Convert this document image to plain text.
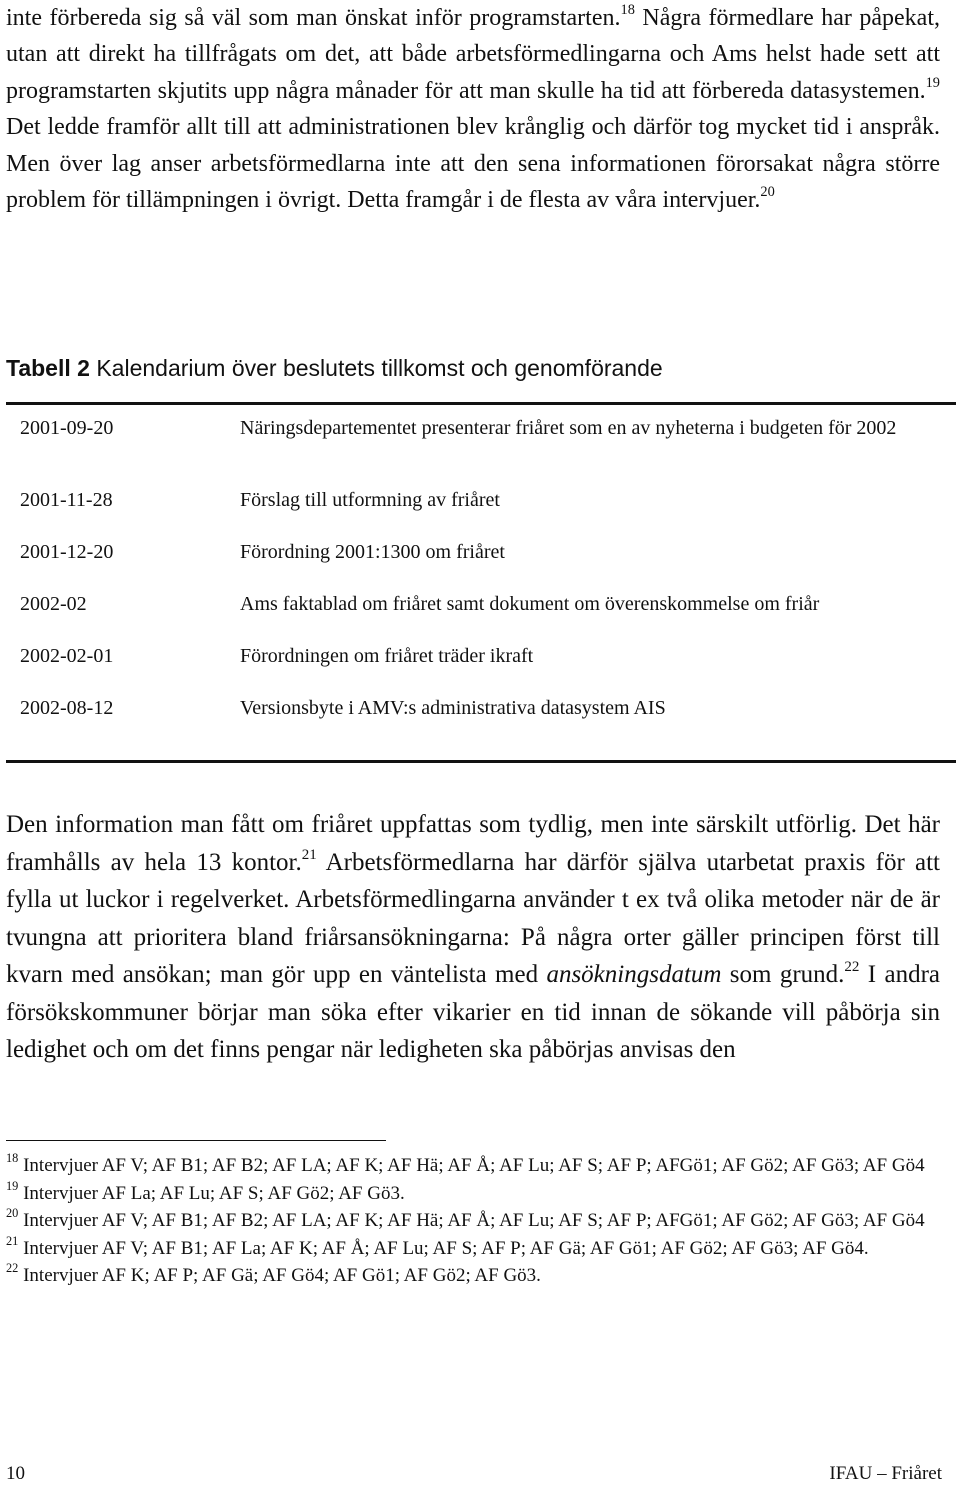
inte förbereda sig så väl som man önskat inför programstarten.$^{18}$ Några förmedlare har påpekat, utan att direkt ha tillfrågats om det, att både arbetsförmedlingarna och Ams helst hade sett att programstarten skjutits upp några månader för att man skulle ha tid att förbereda datasystemen.$^{19}$ Det ledde framför allt till att administrationen blev krånglig och därför tog mycket tid i anspråk. Men över lag anser arbetsförmedlarna inte att den sena informationen förorsakat några större problem för tillämpningen i övrigt. Detta framgår i de flesta av våra intervjuer.$^{20}$

Tabell 2 Kalendarium över beslutets tillkomst och genomförande
2001-09-20	Näringsdepartementet presenterar friåret som en av nyheterna i budgeten för 2002
2001-11-28	Förslag till utformning av friåret
2001-12-20	Förordning 2001:1300 om friåret
2002-02	Ams faktablad om friåret samt dokument om överenskommelse om friår
2002-02-01	Förordningen om friåret träder ikraft
2002-08-12	Versionsbyte i AMV:s administrativa datasystem AIS

Den information man fått om friåret uppfattas som tydlig, men inte särskilt utförlig. Det här framhålls av hela 13 kontor.$^{21}$ Arbetsförmedlarna har därför själva utarbetat praxis för att fylla ut luckor i regelverket. Arbetsförmedlingarna använder t ex två olika metoder när de är tvungna att prioritera bland friårsansökningarna: På några orter gäller principen först till kvarn med ansökan; man gör upp en väntelista med ansökningsdatum som grund.$^{22}$ I andra försökskommuner börjar man söka efter vikarier en tid innan de sökande vill påbörja sin ledighet och om det finns pengar när ledigheten ska påbörjas anvisas den

$^{18}$ Intervjuer AF V; AF B1; AF B2; AF LA; AF K; AF Hä; AF Å; AF Lu; AF S; AF P; AFGö1; AF Gö2; AF Gö3; AF Gö4

$^{19}$ Intervjuer AF La; AF Lu; AF S; AF Gö2; AF Gö3.

$^{20}$ Intervjuer AF V; AF B1; AF B2; AF LA; AF K; AF Hä; AF Å; AF Lu; AF S; AF P; AFGö1; AF Gö2; AF Gö3; AF Gö4

$^{21}$ Intervjuer AF V; AF B1; AF La; AF K; AF Å; AF Lu; AF S; AF P; AF Gä; AF Gö1; AF Gö2; AF Gö3; AF Gö4.

$^{22}$ Intervjuer AF K; AF P; AF Gä; AF Gö4; AF Gö1; AF Gö2; AF Gö3.

10	IFAU – Friåret
